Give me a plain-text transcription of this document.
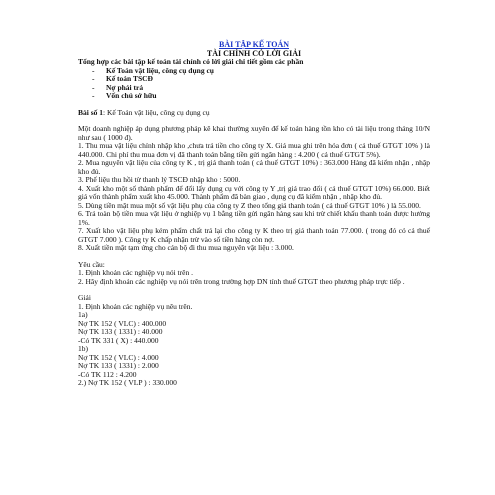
BÀI TẬP KẾ TOÁN
TÀI CHÍNH CÓ LỜI GIẢI
Tổng hợp các bài tập kế toán tài chính có lời giải chi tiết gồm các phần
- Kế Toán vật liệu, công cụ dụng cụ
- Kế toán TSCĐ
- Nợ phải trả
- Vốn chủ sở hữu

Bài số 1: Kế Toán vật liệu, công cụ dụng cụ

Một doanh nghiệp áp dụng phương pháp kê khai thường xuyên để kế toán hàng tồn kho có tài liệu trong tháng 10/N như sau ( 1000 đ).

1. Thu mua vật liệu chính nhập kho ,chưa trả tiền cho công ty X. Giá mua ghi trên hóa đơn ( cả thuế GTGT 10% ) là 440.000. Chi phí thu mua đơn vị đã thanh toán bằng tiền gửi ngân hàng : 4.200 ( cả thuế GTGT 5%).

2. Mua nguyên vật liệu của công ty K , trị giá thanh toán ( cả thuế GTGT 10%) : 363.000 Hàng đã kiểm nhận , nhập kho đủ.

3. Phế liệu thu hồi từ thanh lý TSCĐ nhập kho : 5000.

4. Xuất kho một số thành phẩm để đổi lấy dụng cụ với công ty Y ,trị giá trao đổi ( cả thuế GTGT 10%) 66.000. Biết giá vốn thành phẩm xuất kho 45.000. Thành phẩm đã bàn giao , dụng cụ đã kiểm nhận , nhập kho đủ.

5. Dùng tiền mặt mua một số vật liệu phụ của công ty Z theo tổng giá thanh toán ( cả thuế GTGT 10% ) là 55.000.

6. Trả toàn bộ tiền mua vật liệu ở nghiệp vụ 1 bằng tiền gửi ngân hàng sau khi trừ chiết khấu thanh toán được hưởng 1%.

7. Xuất kho vật liệu phụ kém phẩm chất trả lại cho công ty K theo trị giá thanh toán 77.000. ( trong đó có cả thuế GTGT 7.000 ). Công ty K chấp nhận trừ vào số tiền hàng còn nợ.

8. Xuất tiền mặt tạm ứng cho cán bộ đi thu mua nguyên vật liệu : 3.000.

Yêu cầu:

1. Định khoản các nghiệp vụ nói trên .

2. Hãy định khoản các nghiệp vụ nói trên trong trường hợp DN tính thuế GTGT theo phương pháp trực tiếp .

Giải

1. Định khoản các nghiệp vụ nêu trên.

1a)

Nợ TK 152 ( VLC) : 400.000

Nợ TK 133 ( 1331) : 40.000

-Có TK 331 ( X) : 440.000

1b)

Nợ TK 152 ( VLC) : 4.000

Nợ TK 133 ( 1331) : 2.000

-Có TK 112 : 4.200

2.) Nợ TK 152 ( VLP ) : 330.000
